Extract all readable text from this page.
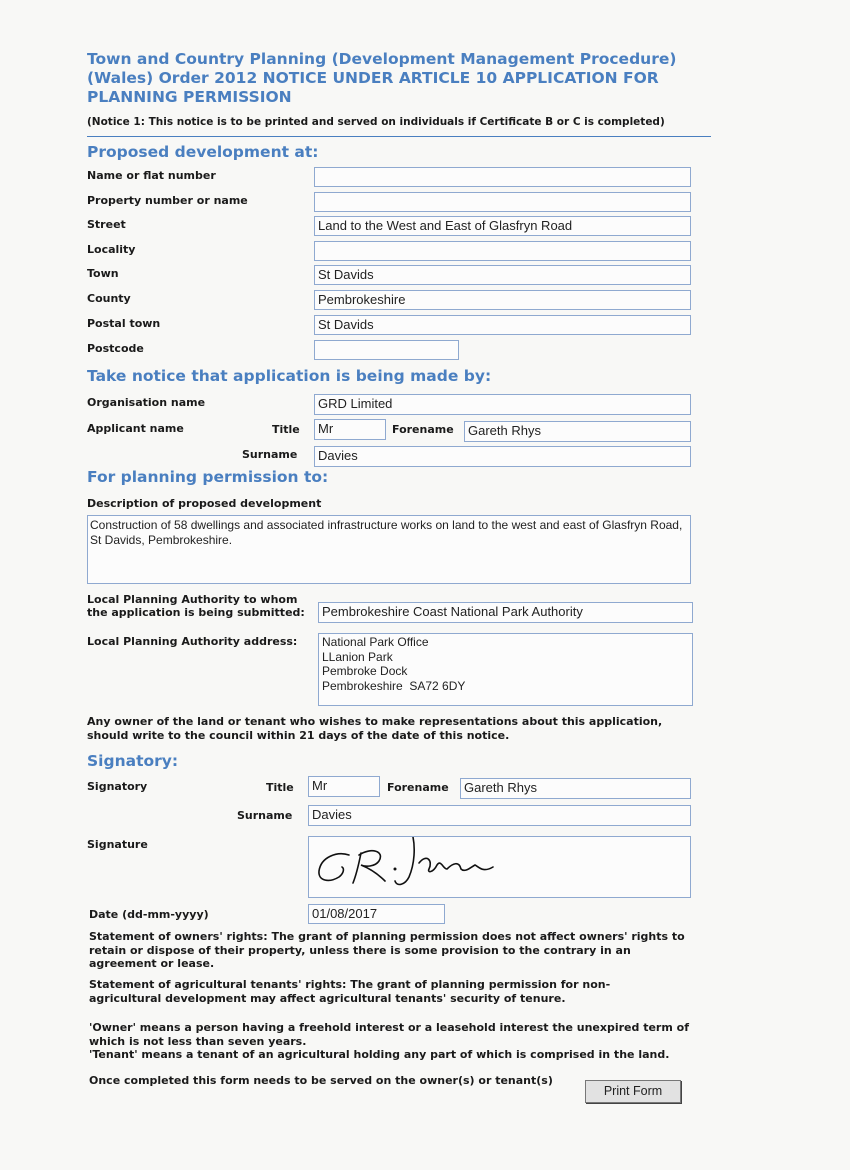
Town and Country Planning (Development Management Procedure) (Wales) Order 2012 NOTICE UNDER ARTICLE 10 APPLICATION FOR PLANNING PERMISSION
(Notice 1: This notice is to be printed and served on individuals if Certificate B or C is completed)
Proposed development at:
Name or flat number
Property number or name
Street	Land to the West and East of Glasfryn Road
Locality
Town	St Davids
County	Pembrokeshire
Postal town	St Davids
Postcode
Take notice that application is being made by:
Organisation name	GRD Limited
Applicant name	Title	Mr	Forename	Gareth Rhys
Surname	Davies
For planning permission to:
Description of proposed development
Construction of 58 dwellings and associated infrastructure works on land to the west and east of Glasfryn Road, St Davids, Pembrokeshire.
Local Planning Authority to whom
the application is being submitted:	Pembrokeshire Coast National Park Authority
Local Planning Authority address: National Park Office
LLanion Park
Pembroke Dock
Pembrokeshire  SA72 6DY
Any owner of the land or tenant who wishes to make representations about this application, should write to the council within 21 days of the date of this notice.
Signatory:
Signatory	Title	Mr	Forename	Gareth Rhys
Surname	Davies
Signature
Date (dd-mm-yyyy)	01/08/2017
Statement of owners' rights: The grant of planning permission does not affect owners' rights to retain or dispose of their property, unless there is some provision to the contrary in an agreement or lease.
Statement of agricultural tenants' rights: The grant of planning permission for non-agricultural development may affect agricultural tenants' security of tenure.
'Owner' means a person having a freehold interest or a leasehold interest the unexpired term of which is not less than seven years.
'Tenant' means a tenant of an agricultural holding any part of which is comprised in the land.
Once completed this form needs to be served on the owner(s) or tenant(s)
Print Form
